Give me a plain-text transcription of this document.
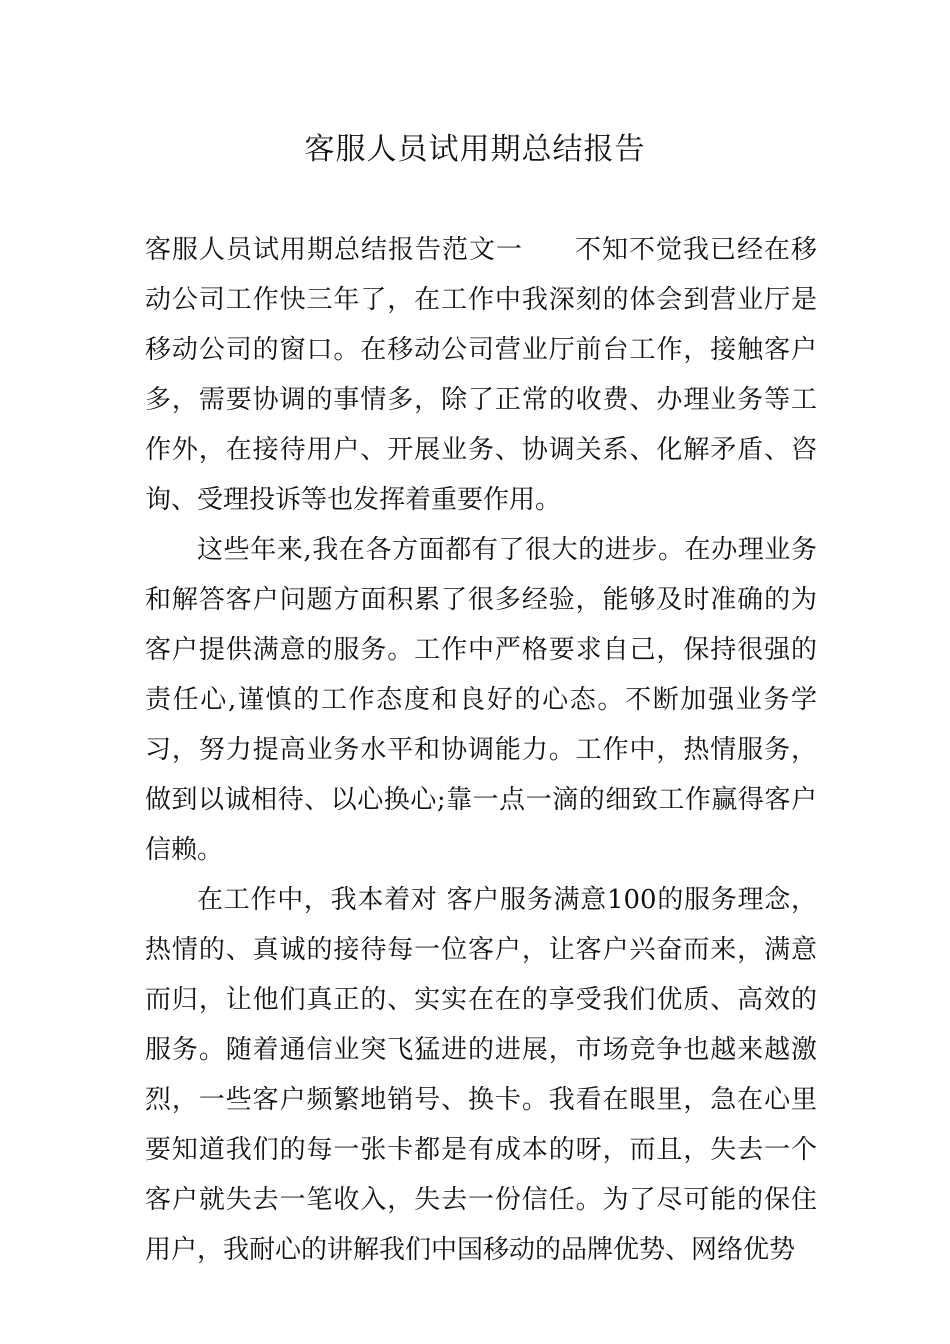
客服人员试用期总结报告

客服人员试用期总结报告范文一 不知不觉我已经在移动公司工作快三年了，在工作中我深刻的体会到营业厅是移动公司的窗口。在移动公司营业厅前台工作，接触客户多，需要协调的事情多，除了正常的收费、办理业务等工作外，在接待用户、开展业务、协调关系、化解矛盾、咨询、受理投诉等也发挥着重要作用。

这些年来,我在各方面都有了很大的进步。在办理业务和解答客户问题方面积累了很多经验，能够及时准确的为客户提供满意的服务。工作中严格要求自己，保持很强的责任心,谨慎的工作态度和良好的心态。不断加强业务学习，努力提高业务水平和协调能力。工作中，热情服务，做到以诚相待、以心换心;靠一点一滴的细致工作赢得客户信赖。

在工作中，我本着对 客户服务满意100的服务理念，热情的、真诚的接待每一位客户，让客户兴奋而来，满意而归，让他们真正的、实实在在的享受我们优质、高效的服务。随着通信业突飞猛进的进展，市场竞争也越来越激烈，一些客户频繁地销号、换卡。我看在眼里，急在心里要知道我们的每一张卡都是有成本的呀，而且，失去一个客户就失去一笔收入，失去一份信任。为了尽可能的保住用户，我耐心的讲解我们中国移动的品牌优势、网络优势
